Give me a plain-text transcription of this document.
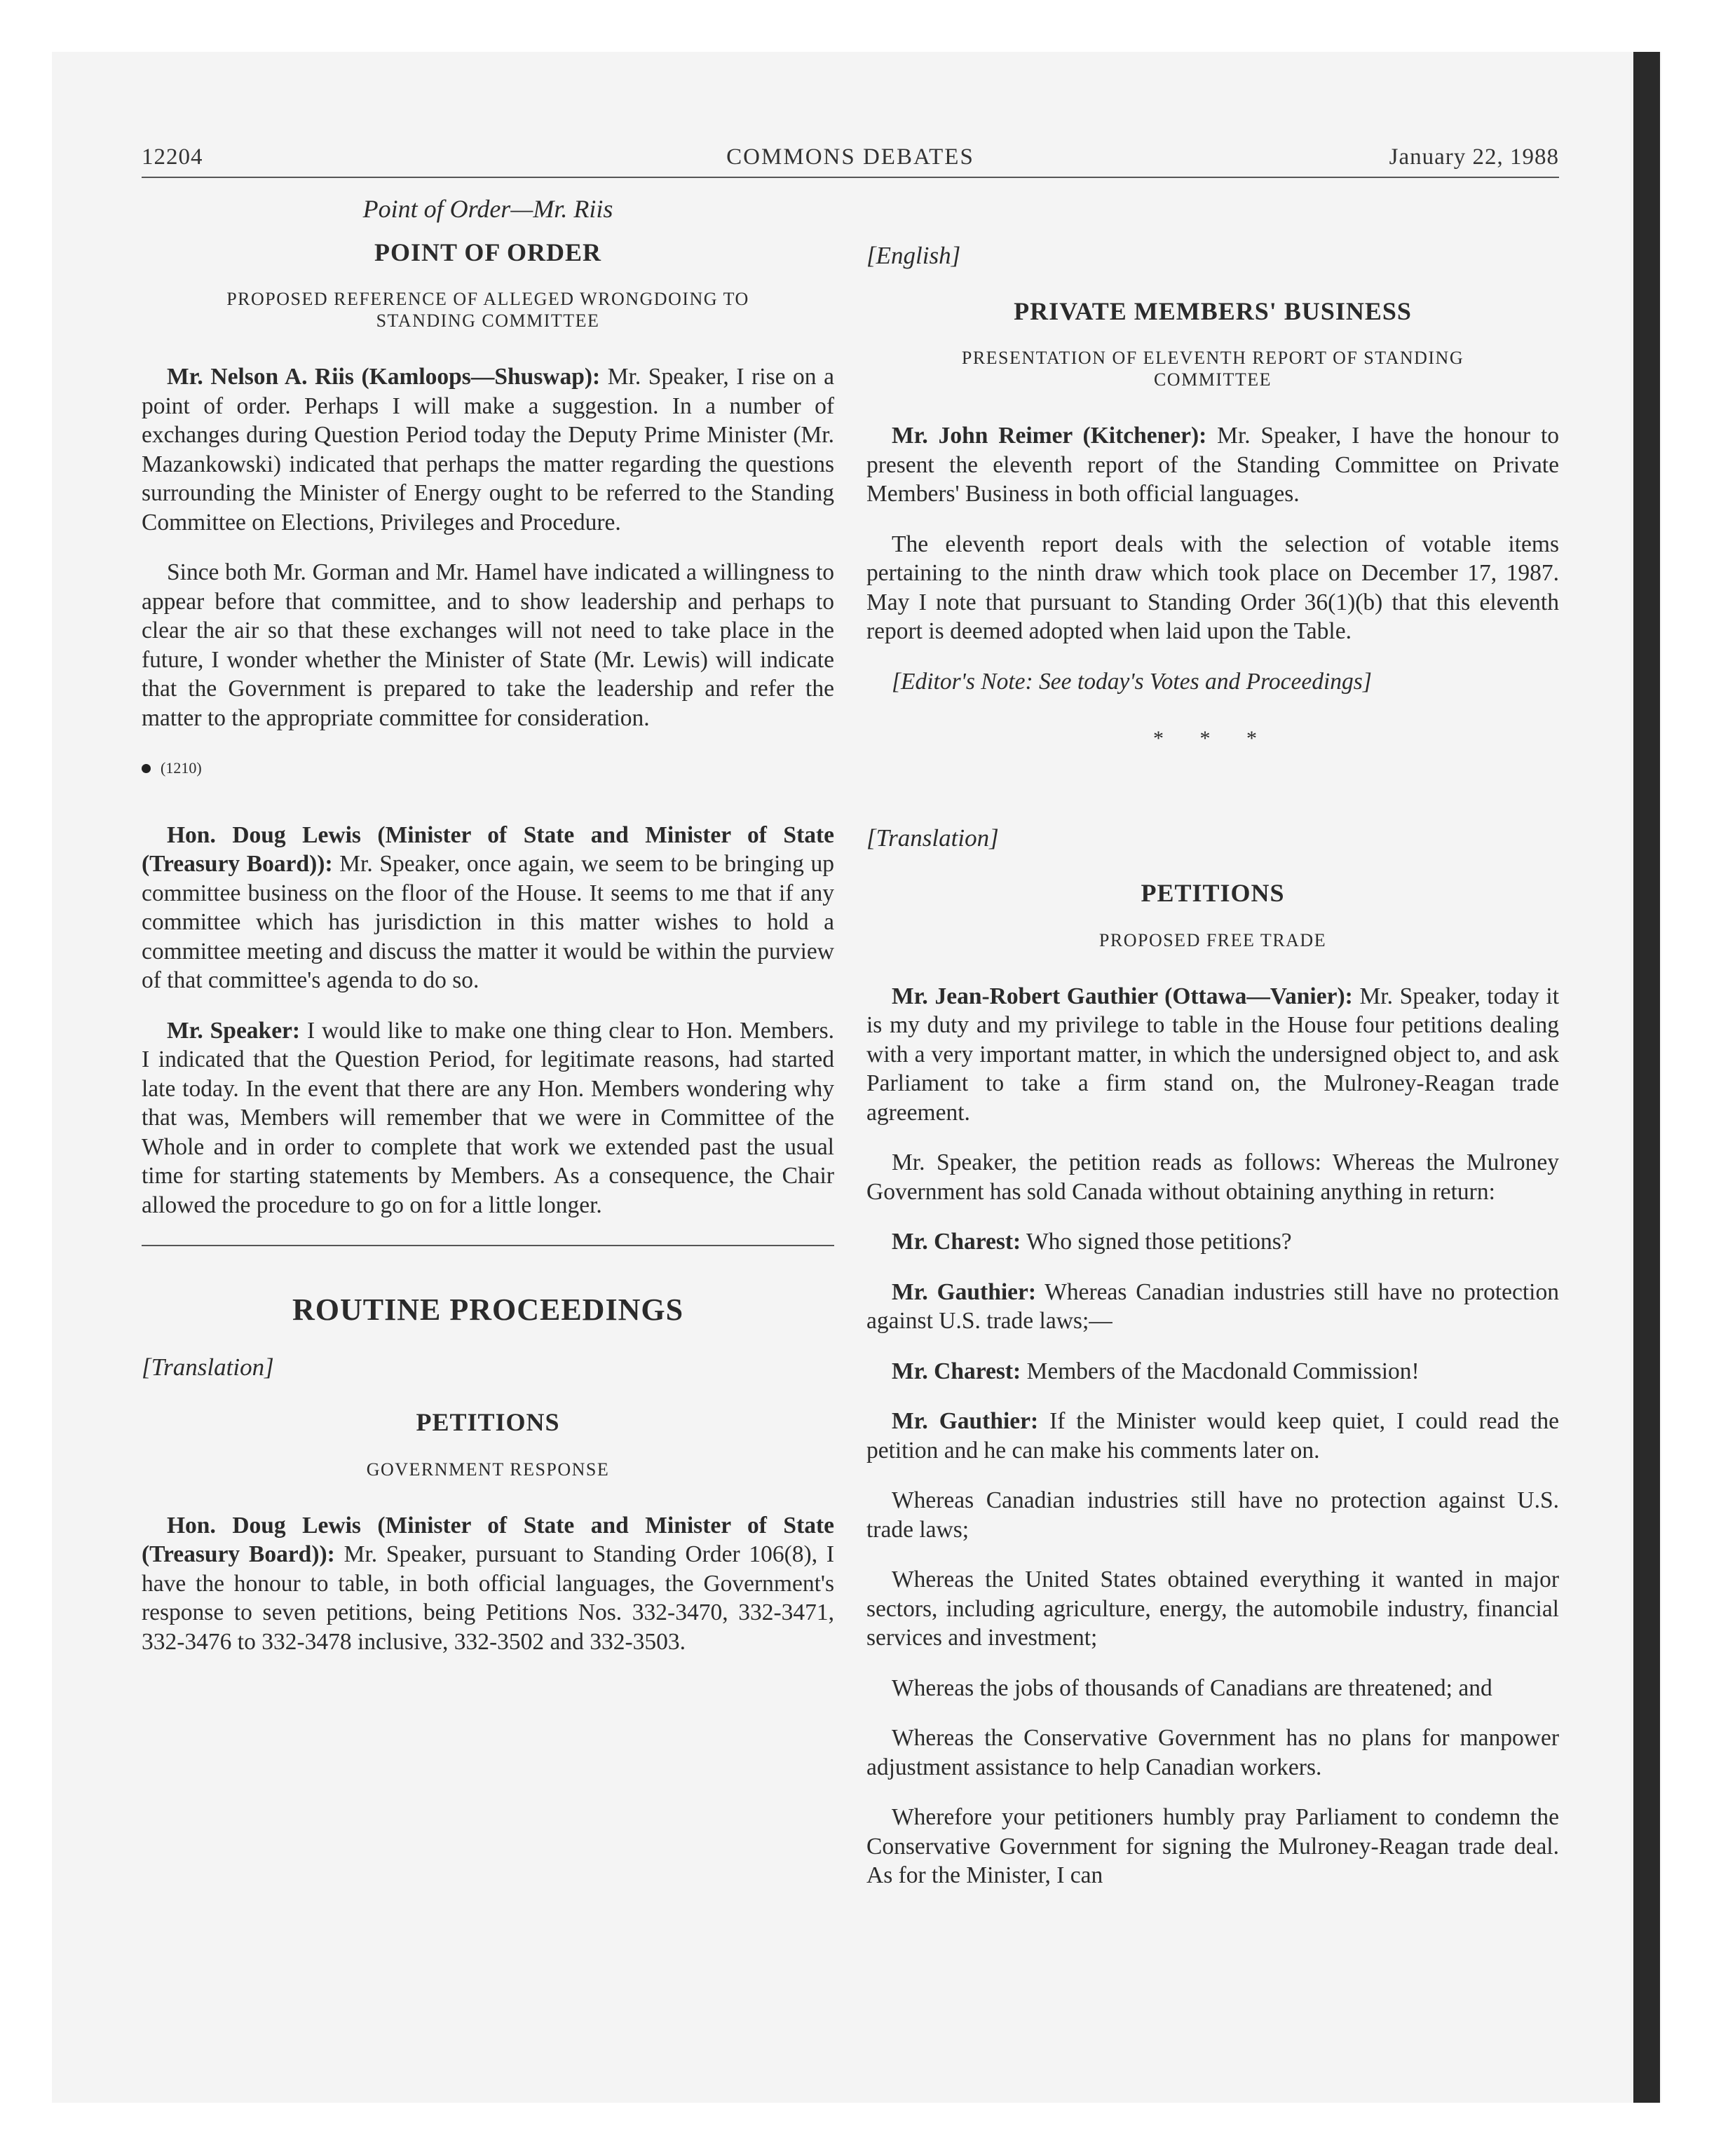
12204	COMMONS DEBATES	January 22, 1988
Point of Order—Mr. Riis
POINT OF ORDER
PROPOSED REFERENCE OF ALLEGED WRONGDOING TO STANDING COMMITTEE

Mr. Nelson A. Riis (Kamloops—Shuswap): Mr. Speaker, I rise on a point of order. Perhaps I will make a suggestion. In a number of exchanges during Question Period today the Deputy Prime Minister (Mr. Mazankowski) indicated that perhaps the matter regarding the questions surrounding the Minister of Energy ought to be referred to the Standing Committee on Elections, Privileges and Procedure.

Since both Mr. Gorman and Mr. Hamel have indicated a willingness to appear before that committee, and to show leadership and perhaps to clear the air so that these exchanges will not need to take place in the future, I wonder whether the Minister of State (Mr. Lewis) will indicate that the Government is prepared to take the leadership and refer the matter to the appropriate committee for consideration.

(1210)

Hon. Doug Lewis (Minister of State and Minister of State (Treasury Board)): Mr. Speaker, once again, we seem to be bringing up committee business on the floor of the House. It seems to me that if any committee which has jurisdiction in this matter wishes to hold a committee meeting and discuss the matter it would be within the purview of that committee's agenda to do so.

Mr. Speaker: I would like to make one thing clear to Hon. Members. I indicated that the Question Period, for legitimate reasons, had started late today. In the event that there are any Hon. Members wondering why that was, Members will remember that we were in Committee of the Whole and in order to complete that work we extended past the usual time for starting statements by Members. As a consequence, the Chair allowed the procedure to go on for a little longer.

ROUTINE PROCEEDINGS
[Translation]
PETITIONS
GOVERNMENT RESPONSE

Hon. Doug Lewis (Minister of State and Minister of State (Treasury Board)): Mr. Speaker, pursuant to Standing Order 106(8), I have the honour to table, in both official languages, the Government's response to seven petitions, being Petitions Nos. 332-3470, 332-3471, 332-3476 to 332-3478 inclusive, 332-3502 and 332-3503.

[English]
PRIVATE MEMBERS' BUSINESS
PRESENTATION OF ELEVENTH REPORT OF STANDING COMMITTEE

Mr. John Reimer (Kitchener): Mr. Speaker, I have the honour to present the eleventh report of the Standing Committee on Private Members' Business in both official languages.

The eleventh report deals with the selection of votable items pertaining to the ninth draw which took place on December 17, 1987. May I note that pursuant to Standing Order 36(1)(b) that this eleventh report is deemed adopted when laid upon the Table.

[Editor's Note: See today's Votes and Proceedings]
* * *
[Translation]
PETITIONS
PROPOSED FREE TRADE

Mr. Jean-Robert Gauthier (Ottawa—Vanier): Mr. Speaker, today it is my duty and my privilege to table in the House four petitions dealing with a very important matter, in which the undersigned object to, and ask Parliament to take a firm stand on, the Mulroney-Reagan trade agreement.

Mr. Speaker, the petition reads as follows: Whereas the Mulroney Government has sold Canada without obtaining anything in return:

Mr. Charest: Who signed those petitions?

Mr. Gauthier: Whereas Canadian industries still have no protection against U.S. trade laws;—

Mr. Charest: Members of the Macdonald Commission!

Mr. Gauthier: If the Minister would keep quiet, I could read the petition and he can make his comments later on.

Whereas Canadian industries still have no protection against U.S. trade laws;

Whereas the United States obtained everything it wanted in major sectors, including agriculture, energy, the automobile industry, financial services and investment;

Whereas the jobs of thousands of Canadians are threatened; and

Whereas the Conservative Government has no plans for manpower adjustment assistance to help Canadian workers.

Wherefore your petitioners humbly pray Parliament to condemn the Conservative Government for signing the Mulroney-Reagan trade deal. As for the Minister, I can
